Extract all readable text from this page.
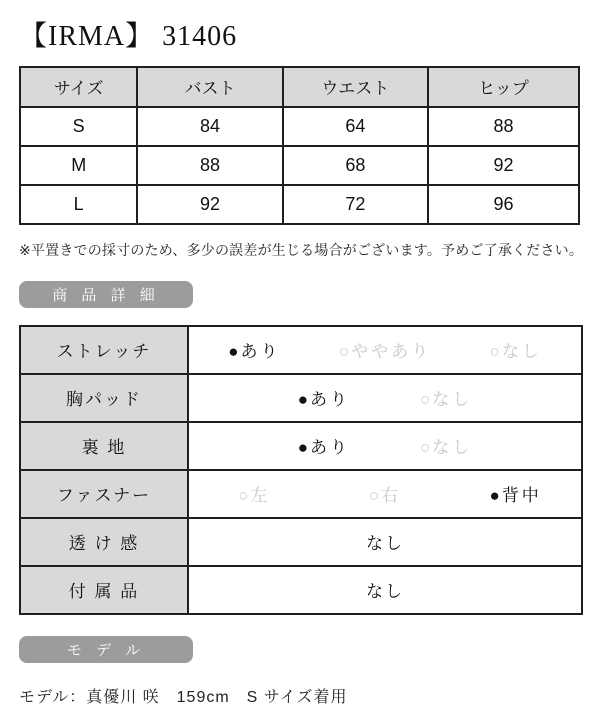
【IRMA】 31406
サイズ	バスト	ウエスト	ヒップ
S	84	64	88
M	88	68	92
L	92	72	96
※平置きでの採寸のため、多少の誤差が生じる場合がございます。予めご了承ください。
商 品 詳 細
ストレッチ	● あり	○ ややあり	○ なし
胸パッド	● あり	○ なし
裏 地	● あり	○ なし
ファスナー	○ 左	○ 右	● 背中
透 け 感	なし
付 属 品	なし
モ デ ル
モデル：真優川 咲　159cm　S サイズ着用
